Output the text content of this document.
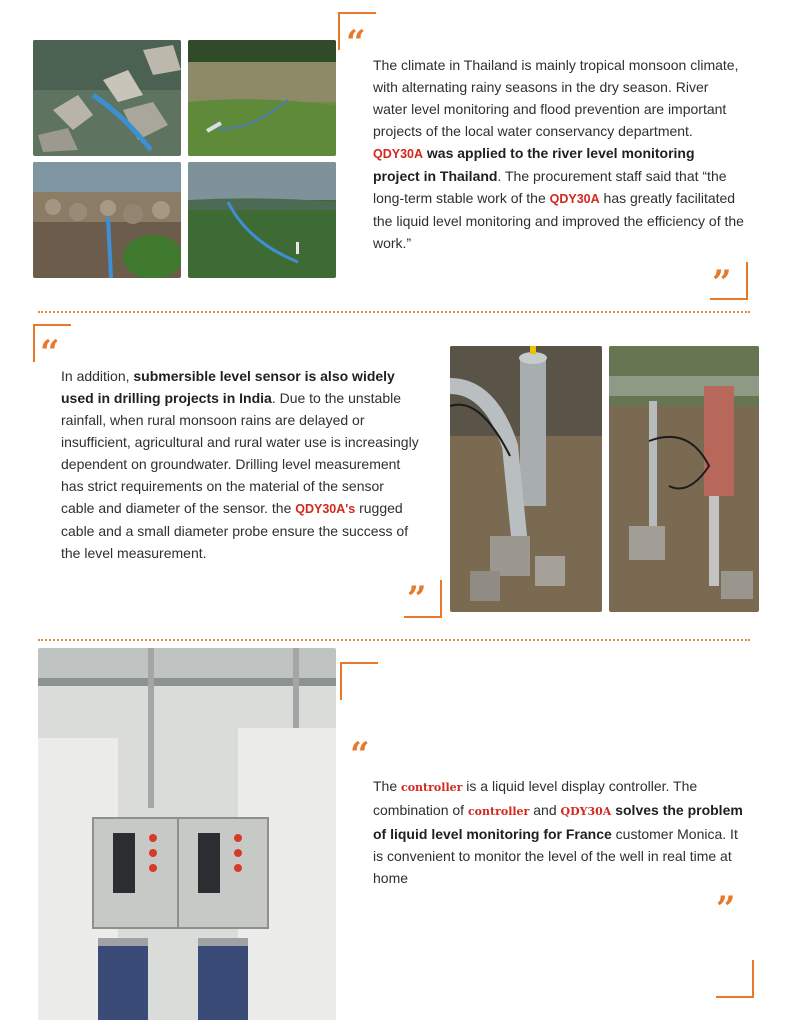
“
The climate in Thailand is mainly tropical monsoon climate, with alternating rainy seasons in the dry season. River water level monitoring and flood prevention are important projects of the local water conservancy department.
QDY30A was applied to the river level monitoring project in Thailand. The procurement staff said that “the long-term stable work of the QDY30A has greatly facilitated the liquid level monitoring and improved the efficiency of the work.”
”
“
In addition, submersible level sensor is also widely used in drilling projects in India. Due to the unstable rainfall, when rural monsoon rains are delayed or insufficient, agricultural and rural water use is increasingly dependent on groundwater. Drilling level measurement has strict requirements on the material of the sensor cable and diameter of the sensor. the QDY30A's rugged cable and a small diameter probe ensure the success of the level measurement.
”
“
The controller is a liquid level display controller. The combination of controller and QDY30A solves the problem of liquid level monitoring for France customer Monica. It is convenient to monitor the level of the well in real time at home
”
